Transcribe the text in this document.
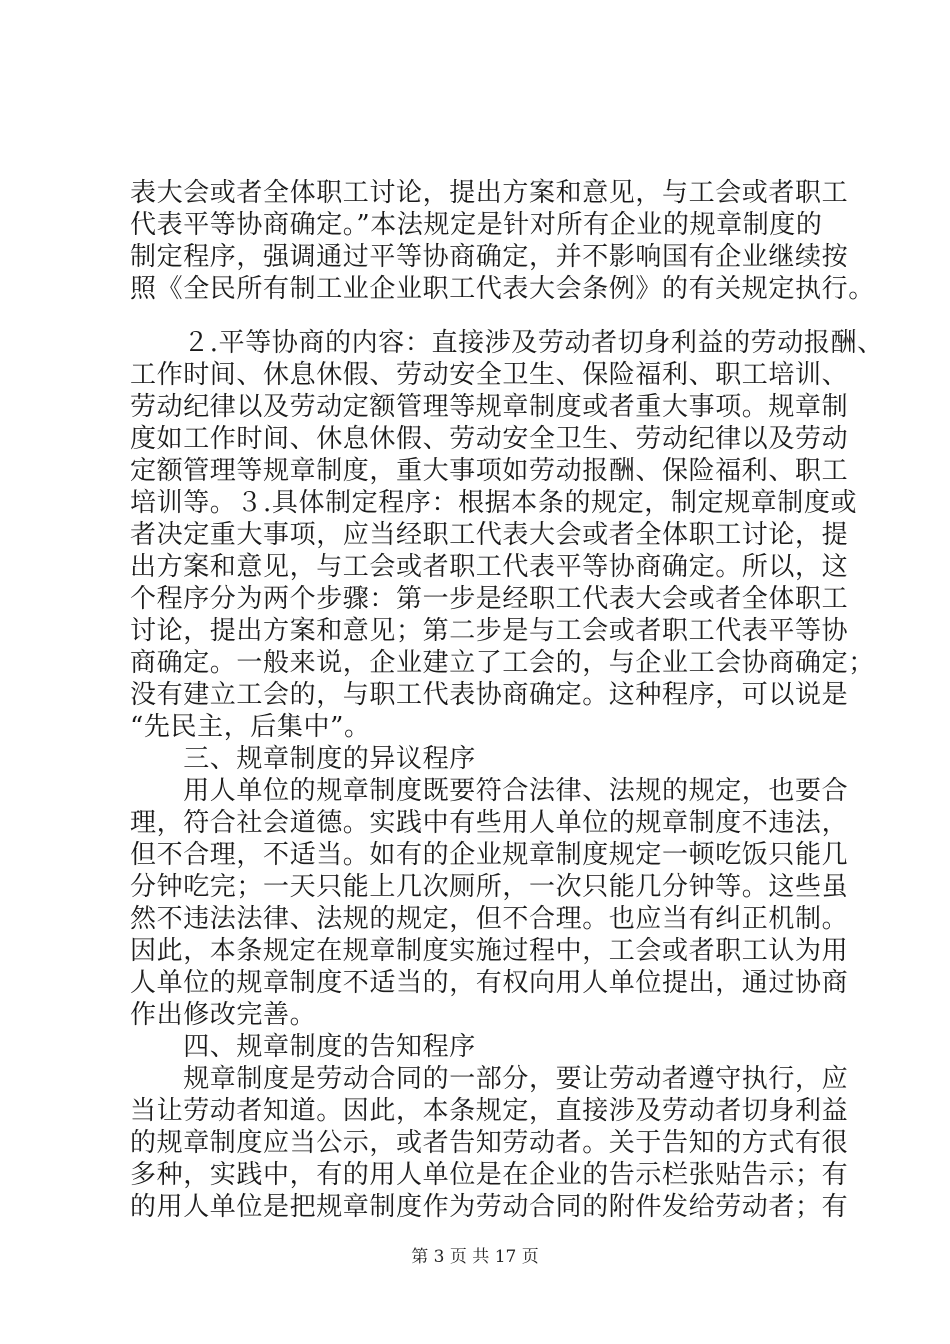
表大会或者全体职工讨论，提出方案和意见，与工会或者职工
代表平等协商确定。”本法规定是针对所有企业的规章制度的
制定程序，强调通过平等协商确定，并不影响国有企业继续按
照《全民所有制工业企业职工代表大会条例》的有关规定执行。
　　２.平等协商的内容：直接涉及劳动者切身利益的劳动报酬、
工作时间、休息休假、劳动安全卫生、保险福利、职工培训、
劳动纪律以及劳动定额管理等规章制度或者重大事项。规章制
度如工作时间、休息休假、劳动安全卫生、劳动纪律以及劳动
定额管理等规章制度，重大事项如劳动报酬、保险福利、职工
培训等。３.具体制定程序：根据本条的规定，制定规章制度或
者决定重大事项，应当经职工代表大会或者全体职工讨论，提
出方案和意见，与工会或者职工代表平等协商确定。所以，这
个程序分为两个步骤：第一步是经职工代表大会或者全体职工
讨论，提出方案和意见；第二步是与工会或者职工代表平等协
商确定。一般来说，企业建立了工会的，与企业工会协商确定；
没有建立工会的，与职工代表协商确定。这种程序，可以说是
“先民主，后集中”。
　　三、规章制度的异议程序
　　用人单位的规章制度既要符合法律、法规的规定，也要合
理，符合社会道德。实践中有些用人单位的规章制度不违法，
但不合理，不适当。如有的企业规章制度规定一顿吃饭只能几
分钟吃完；一天只能上几次厕所，一次只能几分钟等。这些虽
然不违法法律、法规的规定，但不合理。也应当有纠正机制。
因此，本条规定在规章制度实施过程中，工会或者职工认为用
人单位的规章制度不适当的，有权向用人单位提出，通过协商
作出修改完善。
　　四、规章制度的告知程序
　　规章制度是劳动合同的一部分，要让劳动者遵守执行，应
当让劳动者知道。因此，本条规定，直接涉及劳动者切身利益
的规章制度应当公示，或者告知劳动者。关于告知的方式有很
多种，实践中，有的用人单位是在企业的告示栏张贴告示；有
的用人单位是把规章制度作为劳动合同的附件发给劳动者；有
第 3 页 共 17 页
